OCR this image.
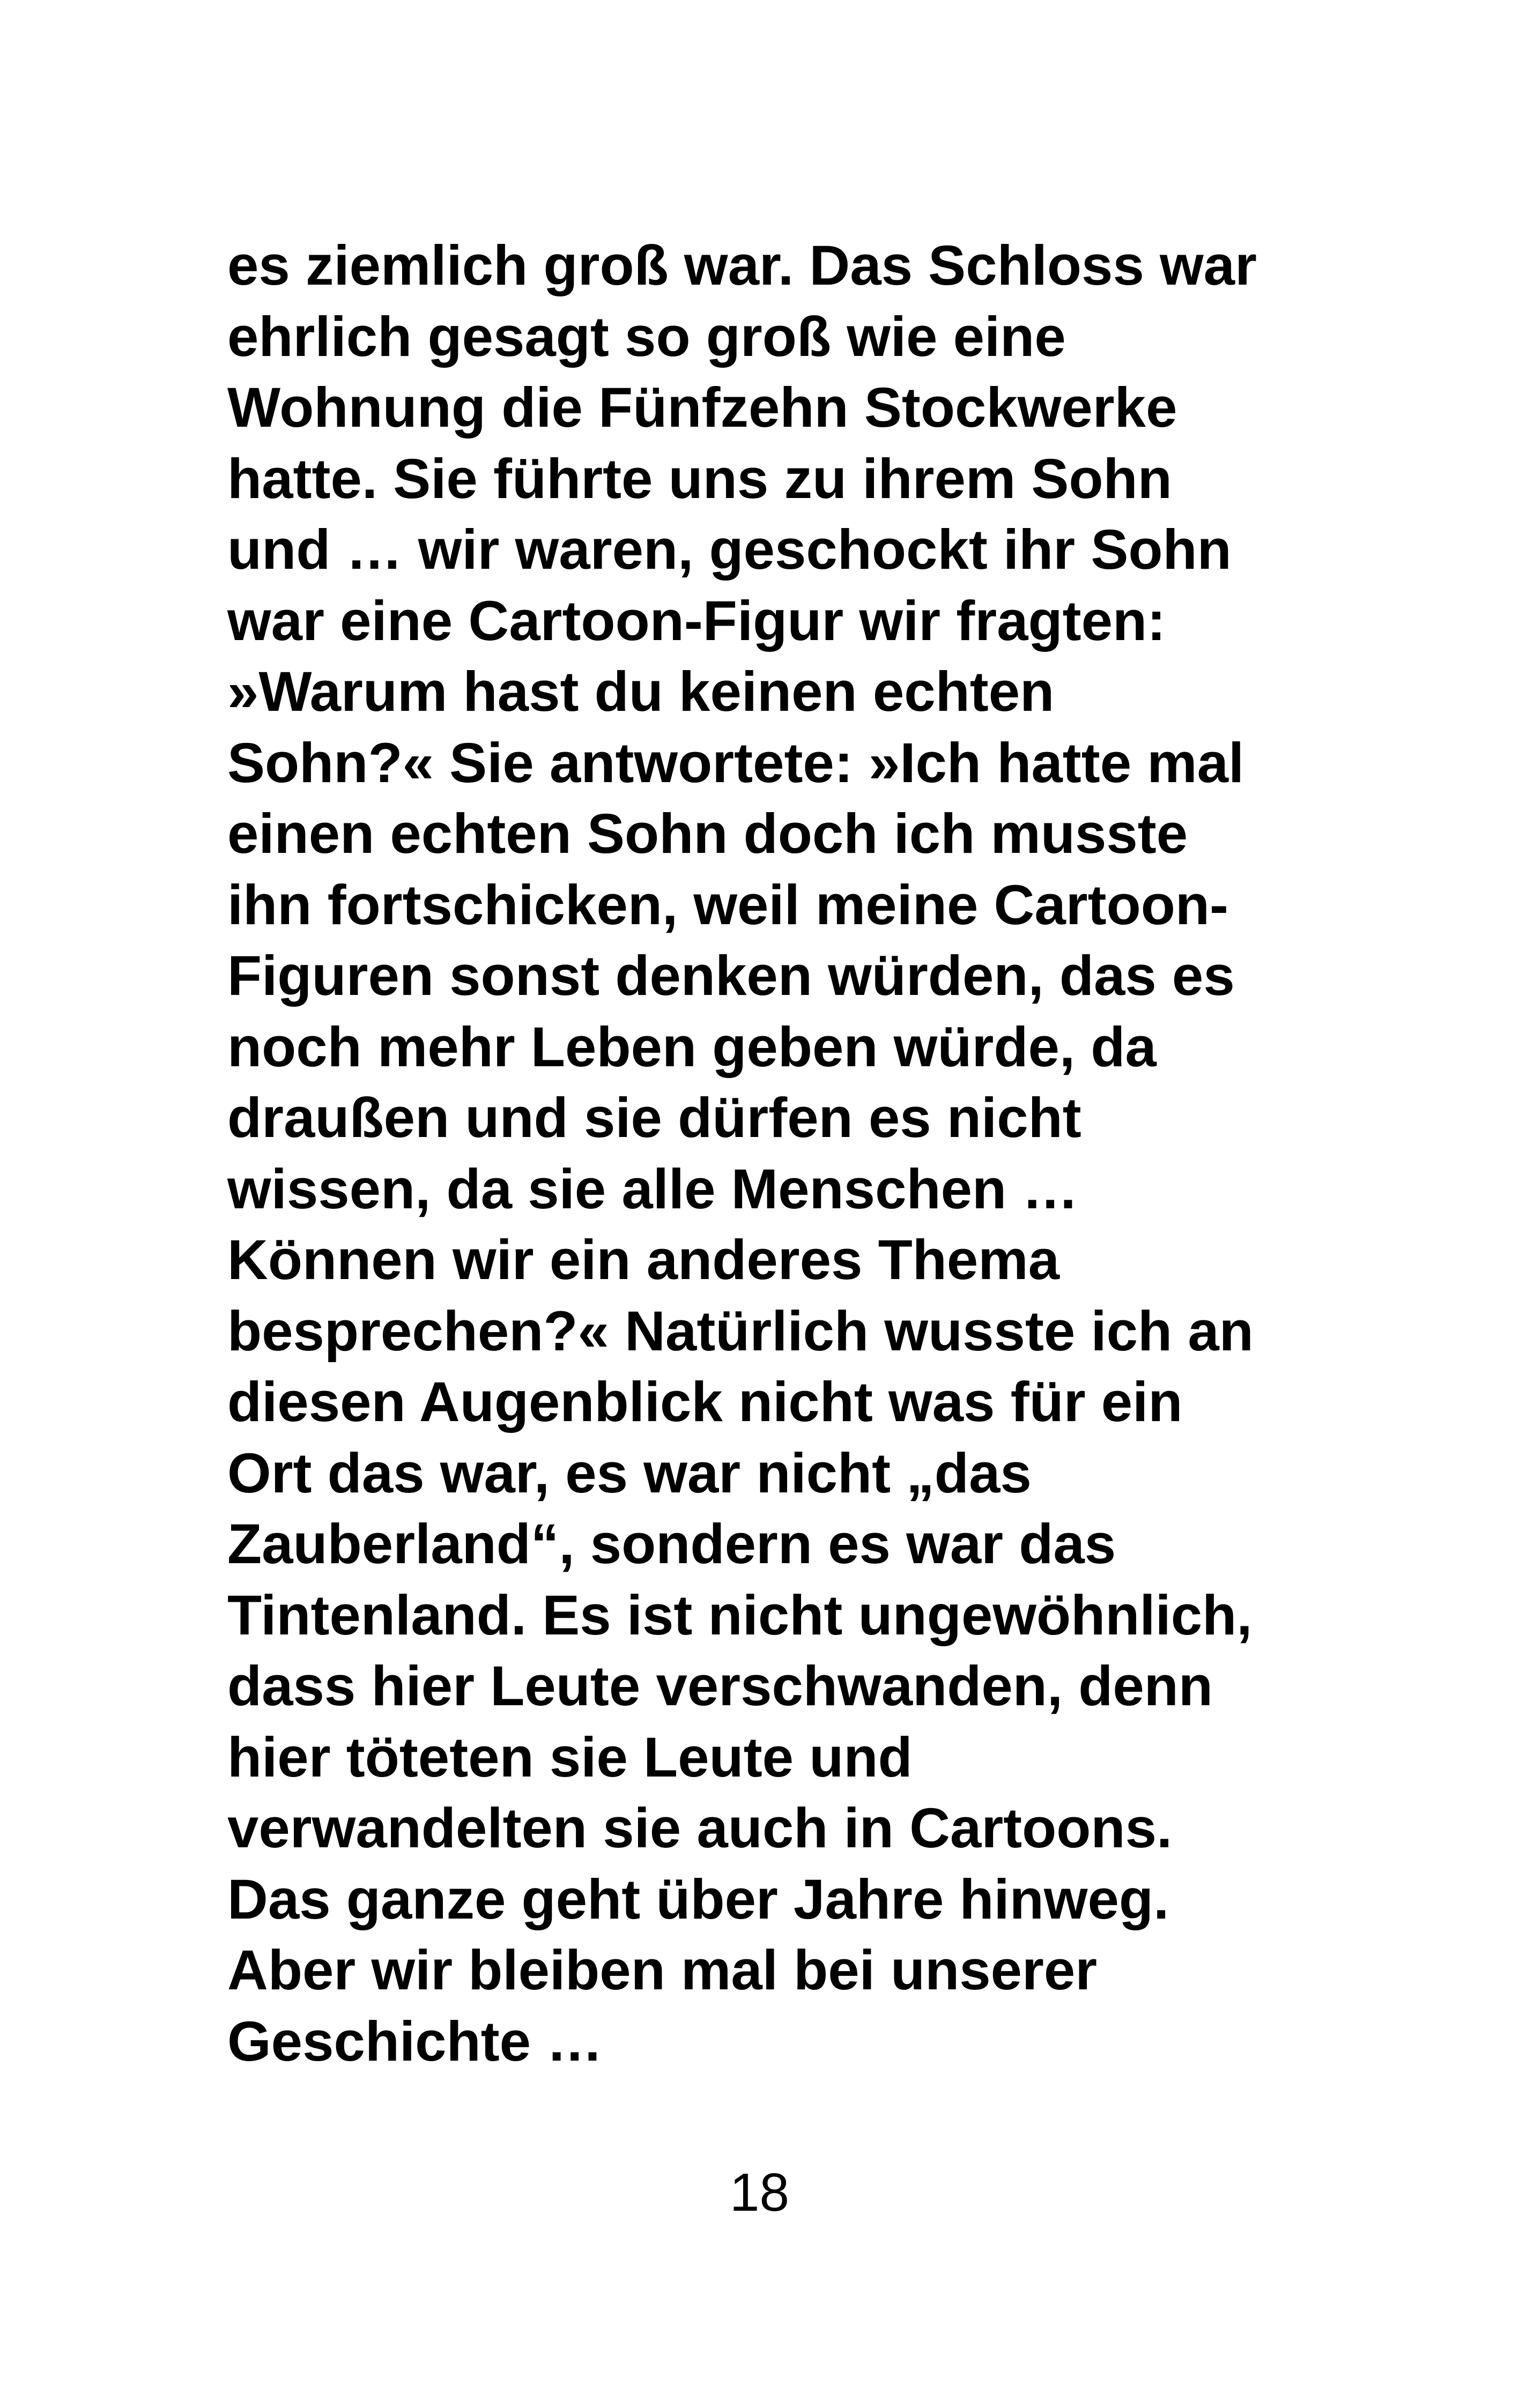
es ziemlich groß war. Das Schloss war
ehrlich gesagt so groß wie eine
Wohnung die Fünfzehn Stockwerke
hatte. Sie führte uns zu ihrem Sohn
und … wir waren, geschockt ihr Sohn
war eine Cartoon-Figur wir fragten:
»Warum hast du keinen echten
Sohn?« Sie antwortete: »Ich hatte mal
einen echten Sohn doch ich musste
ihn fortschicken, weil meine Cartoon-
Figuren sonst denken würden, das es
noch mehr Leben geben würde, da
draußen und sie dürfen es nicht
wissen, da sie alle Menschen …
Können wir ein anderes Thema
besprechen?« Natürlich wusste ich an
diesen Augenblick nicht was für ein
Ort das war, es war nicht „das
Zauberland“, sondern es war das
Tintenland. Es ist nicht ungewöhnlich,
dass hier Leute verschwanden, denn
hier töteten sie Leute und
verwandelten sie auch in Cartoons.
Das ganze geht über Jahre hinweg.
Aber wir bleiben mal bei unserer
Geschichte …
18
